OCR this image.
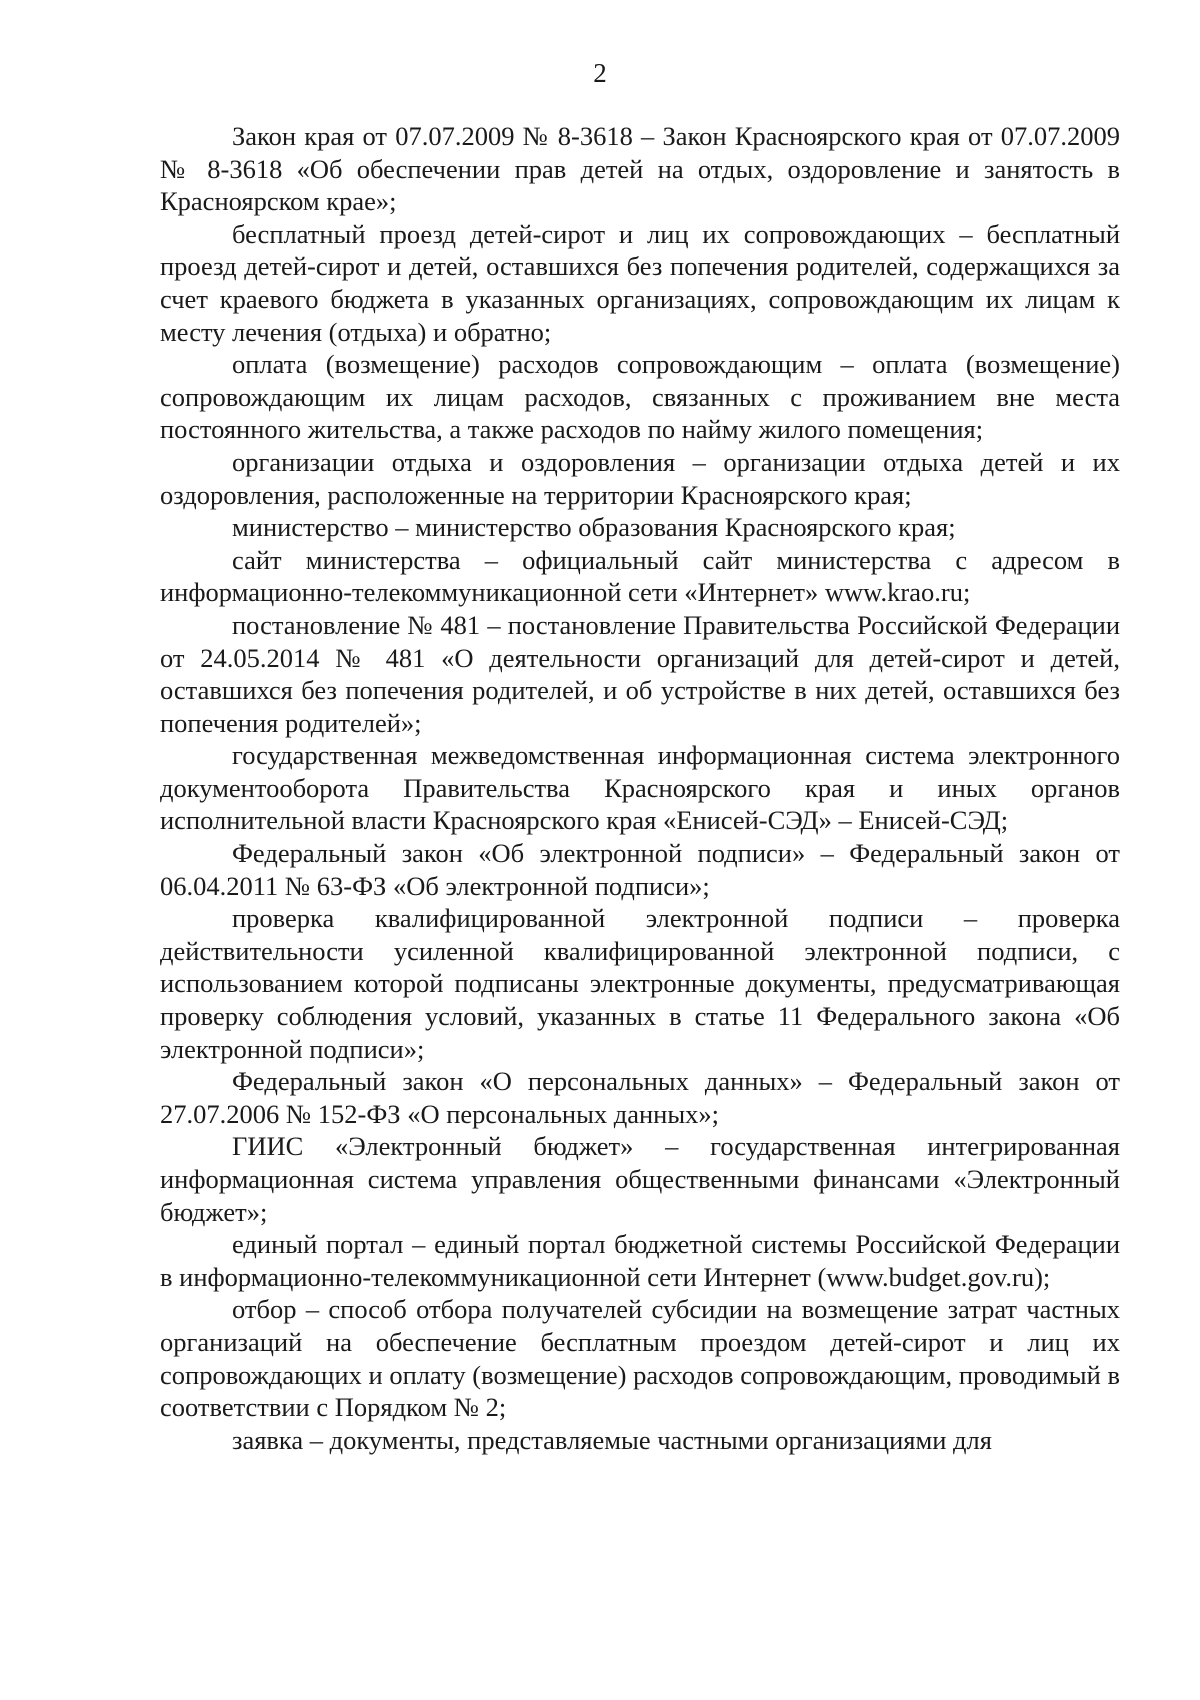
2

Закон края от 07.07.2009 № 8-3618 – Закон Красноярского края от 07.07.2009 № 8-3618 «Об обеспечении прав детей на отдых, оздоровление и занятость в Красноярском крае»;

бесплатный проезд детей-сирот и лиц их сопровождающих – бесплатный проезд детей-сирот и детей, оставшихся без попечения родителей, содержащихся за счет краевого бюджета в указанных организациях, сопровождающим их лицам к месту лечения (отдыха) и обратно;

оплата (возмещение) расходов сопровождающим – оплата (возмещение) сопровождающим их лицам расходов, связанных с проживанием вне места постоянного жительства, а также расходов по найму жилого помещения;

организации отдыха и оздоровления – организации отдыха детей и их оздоровления, расположенные на территории Красноярского края;

министерство – министерство образования Красноярского края;

сайт министерства – официальный сайт министерства с адресом в информационно-телекоммуникационной сети «Интернет» www.krao.ru;

постановление № 481 – постановление Правительства Российской Федерации от 24.05.2014 № 481 «О деятельности организаций для детей-сирот и детей, оставшихся без попечения родителей, и об устройстве в них детей, оставшихся без попечения родителей»;

государственная межведомственная информационная система электронного документооборота Правительства Красноярского края и иных органов исполнительной власти Красноярского края «Енисей-СЭД» – Енисей-СЭД;

Федеральный закон «Об электронной подписи» – Федеральный закон от 06.04.2011 № 63-ФЗ «Об электронной подписи»;

проверка квалифицированной электронной подписи – проверка действительности усиленной квалифицированной электронной подписи, с использованием которой подписаны электронные документы, предусматривающая проверку соблюдения условий, указанных в статье 11 Федерального закона «Об электронной подписи»;

Федеральный закон «О персональных данных» – Федеральный закон от 27.07.2006 № 152-ФЗ «О персональных данных»;

ГИИС «Электронный бюджет» – государственная интегрированная информационная система управления общественными финансами «Электронный бюджет»;

единый портал – единый портал бюджетной системы Российской Федерации в информационно-телекоммуникационной сети Интернет (www.budget.gov.ru);

отбор – способ отбора получателей субсидии на возмещение затрат частных организаций на обеспечение бесплатным проездом детей-сирот и лиц их сопровождающих и оплату (возмещение) расходов сопровождающим, проводимый в соответствии с Порядком № 2;

заявка – документы, представляемые частными организациями для
